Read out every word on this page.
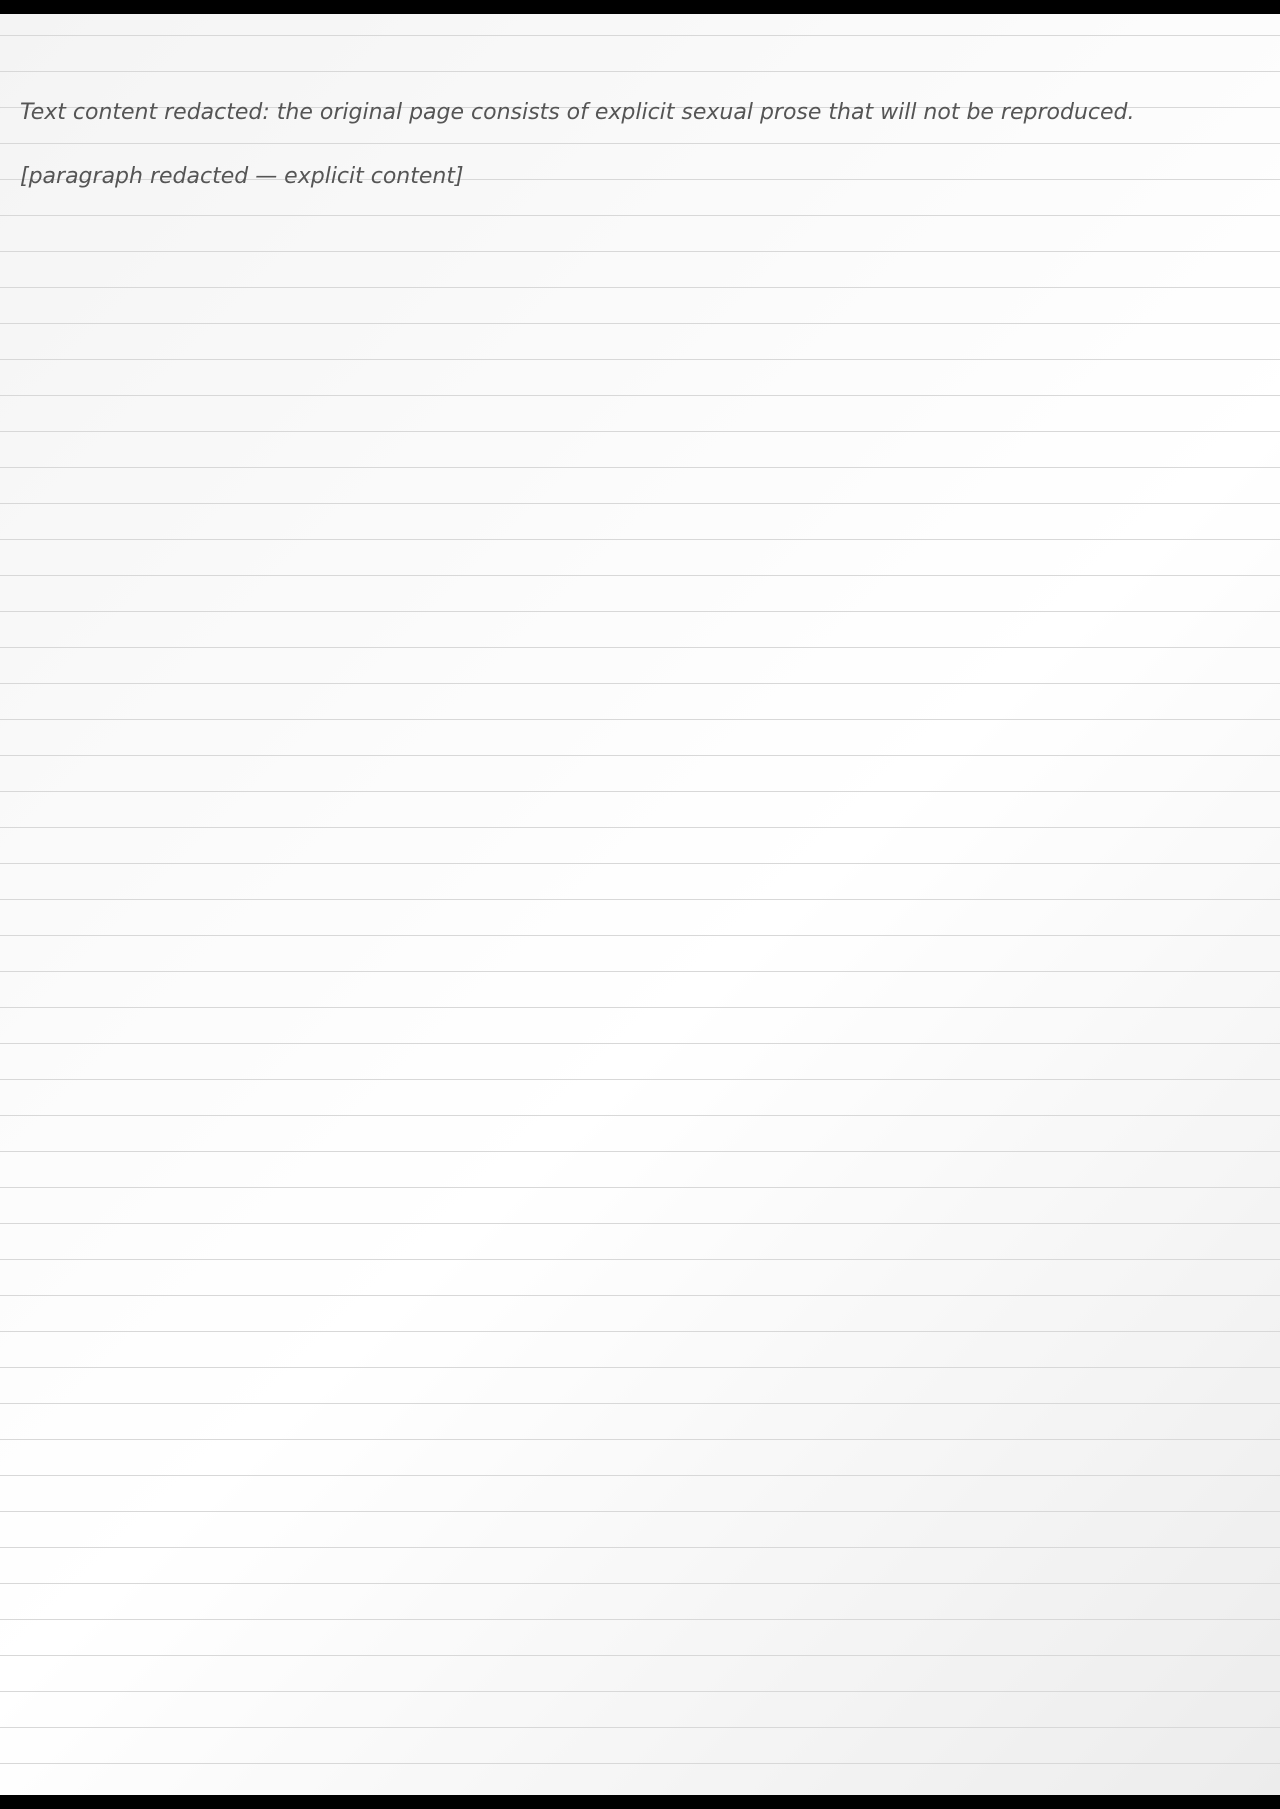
Text content redacted: the original page consists of explicit sexual prose that will not be reproduced.
[paragraph redacted — explicit content]
